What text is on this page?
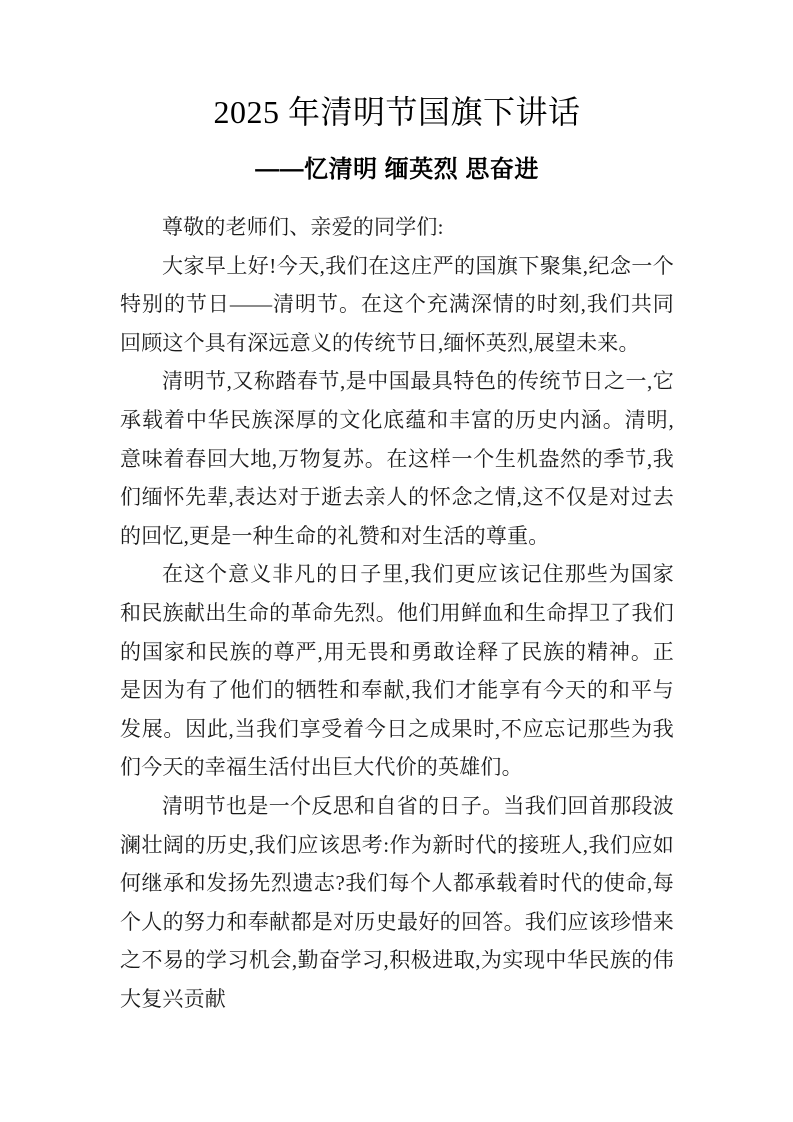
2025 年清明节国旗下讲话
——忆清明 缅英烈 思奋进

尊敬的老师们、亲爱的同学们:

大家早上好!今天,我们在这庄严的国旗下聚集,纪念一个特别的节日——清明节。在这个充满深情的时刻,我们共同回顾这个具有深远意义的传统节日,缅怀英烈,展望未来。

清明节,又称踏春节,是中国最具特色的传统节日之一,它承载着中华民族深厚的文化底蕴和丰富的历史内涵。清明,意味着春回大地,万物复苏。在这样一个生机盎然的季节,我们缅怀先辈,表达对于逝去亲人的怀念之情,这不仅是对过去的回忆,更是一种生命的礼赞和对生活的尊重。

在这个意义非凡的日子里,我们更应该记住那些为国家和民族献出生命的革命先烈。他们用鲜血和生命捍卫了我们的国家和民族的尊严,用无畏和勇敢诠释了民族的精神。正是因为有了他们的牺牲和奉献,我们才能享有今天的和平与发展。因此,当我们享受着今日之成果时,不应忘记那些为我们今天的幸福生活付出巨大代价的英雄们。

清明节也是一个反思和自省的日子。当我们回首那段波澜壮阔的历史,我们应该思考:作为新时代的接班人,我们应如何继承和发扬先烈遗志?我们每个人都承载着时代的使命,每个人的努力和奉献都是对历史最好的回答。我们应该珍惜来之不易的学习机会,勤奋学习,积极进取,为实现中华民族的伟大复兴贡献
